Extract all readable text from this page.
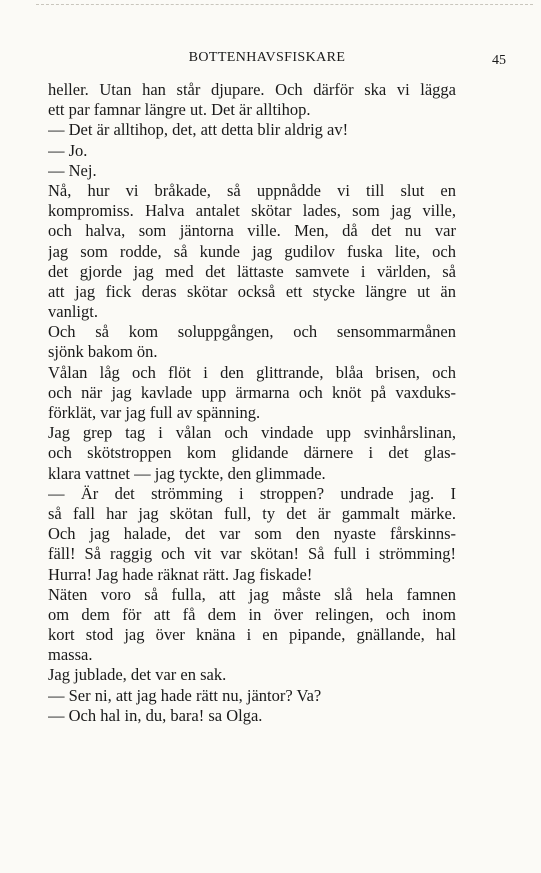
BOTTENHAVSFISKARE	45
heller. Utan han står djupare. Och därför ska vi lägga
ett par famnar längre ut. Det är alltihop.
— Det är alltihop, det, att detta blir aldrig av!
— Jo.
— Nej.
Nå, hur vi bråkade, så uppnådde vi till slut en
kompromiss. Halva antalet skötar lades, som jag ville,
och halva, som jäntorna ville. Men, då det nu var
jag som rodde, så kunde jag gudilov fuska lite, och
det gjorde jag med det lättaste samvete i världen, så
att jag fick deras skötar också ett stycke längre ut än
vanligt.
Och så kom soluppgången, och sensommarmånen
sjönk bakom ön.
Vålan låg och flöt i den glittrande, blåa brisen, och
och när jag kavlade upp ärmarna och knöt på vaxduks-
förklät, var jag full av spänning.
Jag grep tag i vålan och vindade upp svinhårslinan,
och skötstroppen kom glidande därnere i det glas-
klara vattnet — jag tyckte, den glimmade.
— Är det strömming i stroppen? undrade jag. I
så fall har jag skötan full, ty det är gammalt märke.
Och jag halade, det var som den nyaste fårskinns-
fäll! Så raggig och vit var skötan! Så full i strömming!
Hurra! Jag hade räknat rätt. Jag fiskade!
Näten voro så fulla, att jag måste slå hela famnen
om dem för att få dem in över relingen, och inom
kort stod jag över knäna i en pipande, gnällande, hal
massa.
Jag jublade, det var en sak.
— Ser ni, att jag hade rätt nu, jäntor? Va?
— Och hal in, du, bara! sa Olga.
